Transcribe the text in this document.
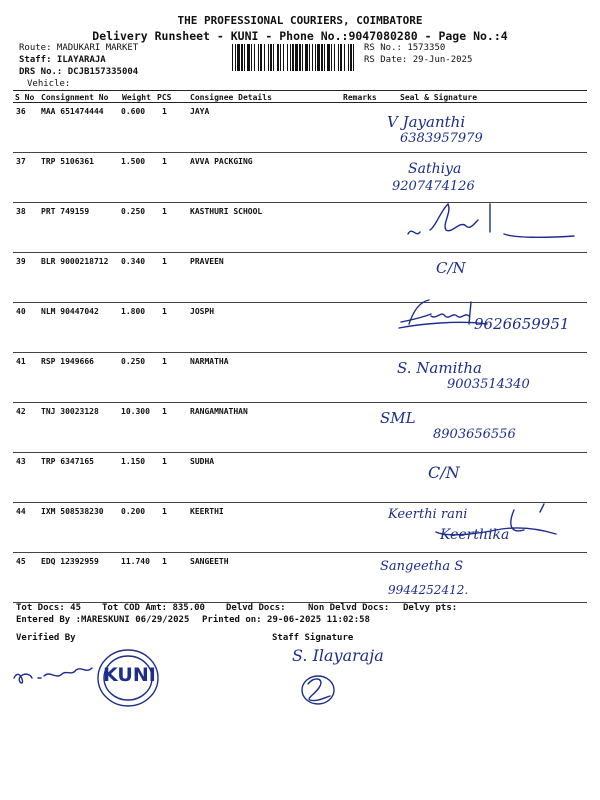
THE PROFESSIONAL COURIERS, COIMBATORE
Delivery Runsheet - KUNI - Phone No.:9047080280 - Page No.:4
Route: MADUKARI MARKET
Staff: ILAYARAJA
DRS No.: DCJB157335004
Vehicle:
RS No.: 1573350
RS Date: 29-Jun-2025
S No Consignment No Weight PCS Consignee Details	Remarks	Seal & Signature
36 MAA 651474444 0.600 1	JAYA
V Jayanthi
6383957979
37 TRP 5106361	1.500 1	AVVA PACKGING	Sathiya
9207474126
38 PRT 749159	0.250 1	KASTHURI SCHOOL
39 BLR 9000218712 0.340 1	PRAVEEN	C/N
40 NLM 90447042	1.800 1	JOSPH
9626659951
41 RSP 1949666	0.250 1	NARMATHA	S. Namitha
9003514340
42 TNJ 30023128	10.300 1	RANGAMNATHAN	SML
8903656556
43 TRP 6347165	1.150 1	SUDHA
C/N
44 IXM 508538230 0.200 1	KEERTHI	Keerthi rani
Keerthika
45 EDQ 12392959	11.740 1	SANGEETH	Sangeetha S
9944252412.
Tot Docs: 45 Tot COD Amt: 835.00 Delvd Docs: Non Delvd Docs: Delvy pts:
Entered By :MARESKUNI 06/29/2025 Printed on: 29-06-2025 11:02:58
Verified By	Staff Signature
KUNI
S. Ilayaraja
